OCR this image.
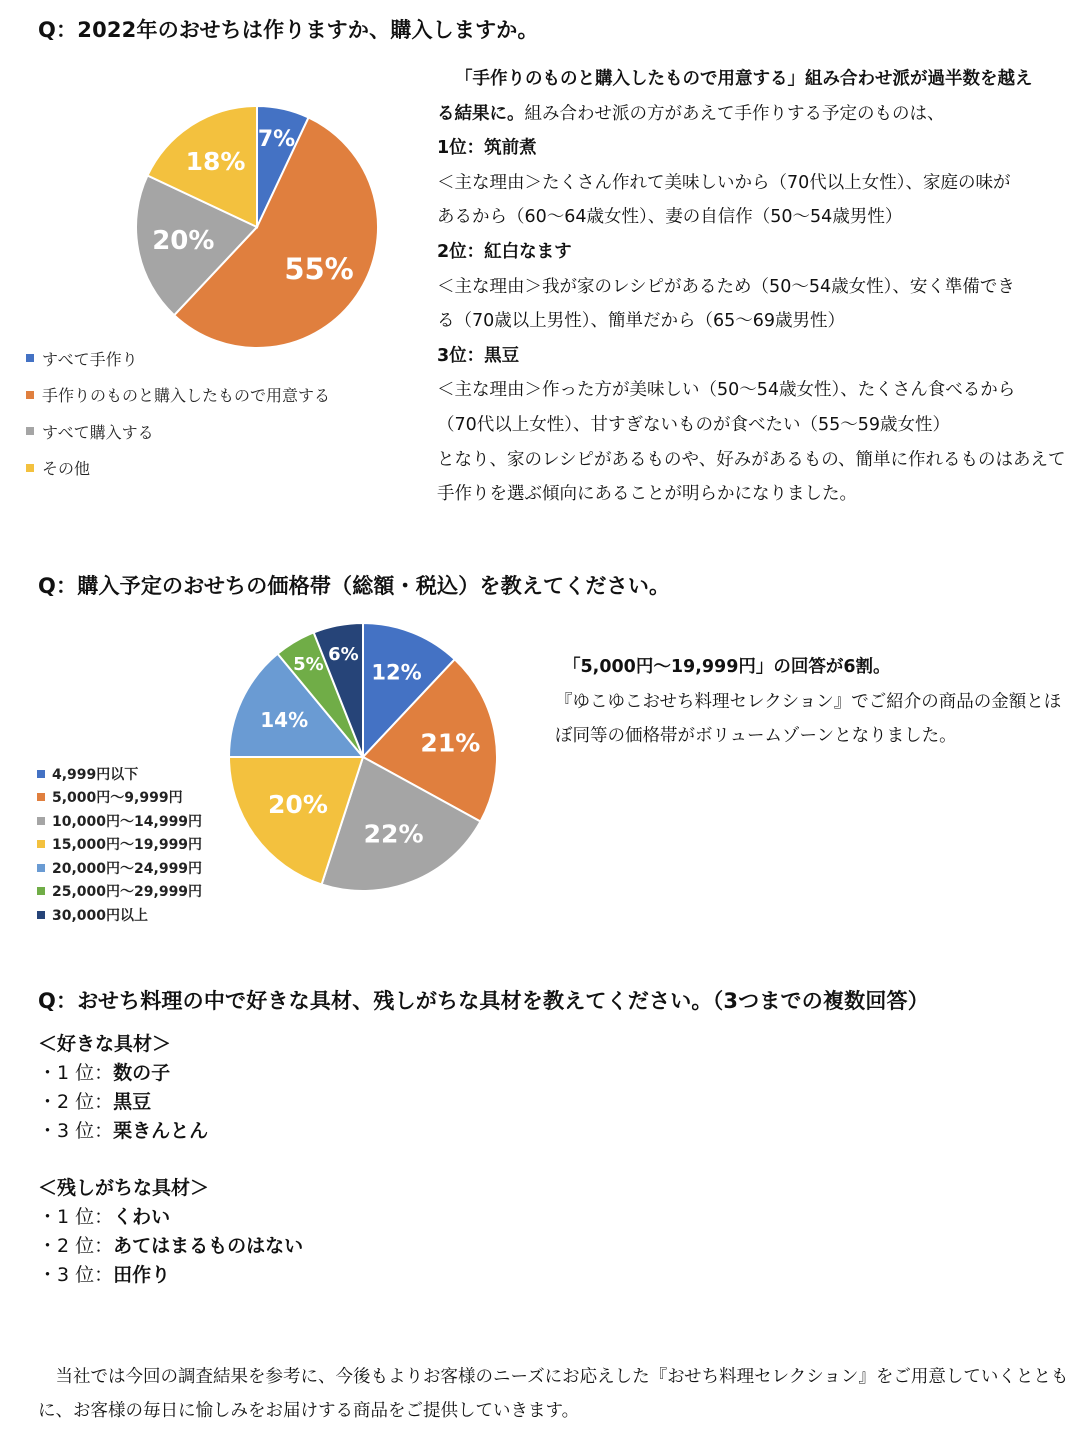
Q：2022年のおせちは作りますか、購入しますか。
7%
55%
20%
18%
すべて手作り
手作りのものと購入したもので用意する
すべて購入する
その他
「手作りのものと購入したもので用意する」組み合わせ派が過半数を越え
る結果に。組み合わせ派の方があえて手作りする予定のものは、
1位：筑前煮
＜主な理由＞たくさん作れて美味しいから（70代以上女性）、家庭の味が
あるから（60～64歳女性）、妻の自信作（50～54歳男性）
2位：紅白なます
＜主な理由＞我が家のレシピがあるため（50～54歳女性）、安く準備でき
る（70歳以上男性）、簡単だから（65～69歳男性）
3位：黒豆
＜主な理由＞作った方が美味しい（50～54歳女性）、たくさん食べるから
（70代以上女性）、甘すぎないものが食べたい（55～59歳女性）
となり、家のレシピがあるものや、好みがあるもの、簡単に作れるものはあえて
手作りを選ぶ傾向にあることが明らかになりました。
Q：購入予定のおせちの価格帯（総額・税込）を教えてください。
12%
21%
22%
20%
14%
5% 6%
4,999円以下
5,000円～9,999円
10,000円～14,999円
15,000円～19,999円
20,000円～24,999円
25,000円～29,999円
30,000円以上
「5,000円～19,999円」の回答が6割。
『ゆこゆこおせち料理セレクション』でご紹介の商品の金額とほ
ぼ同等の価格帯がボリュームゾーンとなりました。
Q：おせち料理の中で好きな具材、残しがちな具材を教えてください。（3つまでの複数回答）
＜好きな具材＞
・1 位：数の子
・2 位：黒豆
・3 位：栗きんとん
＜残しがちな具材＞
・1 位：くわい
・2 位：あてはまるものはない
・3 位：田作り
　当社では今回の調査結果を参考に、今後もよりお客様のニーズにお応えした『おせち料理セレクション』をご用意していくととも
に、お客様の毎日に愉しみをお届けする商品をご提供していきます。
